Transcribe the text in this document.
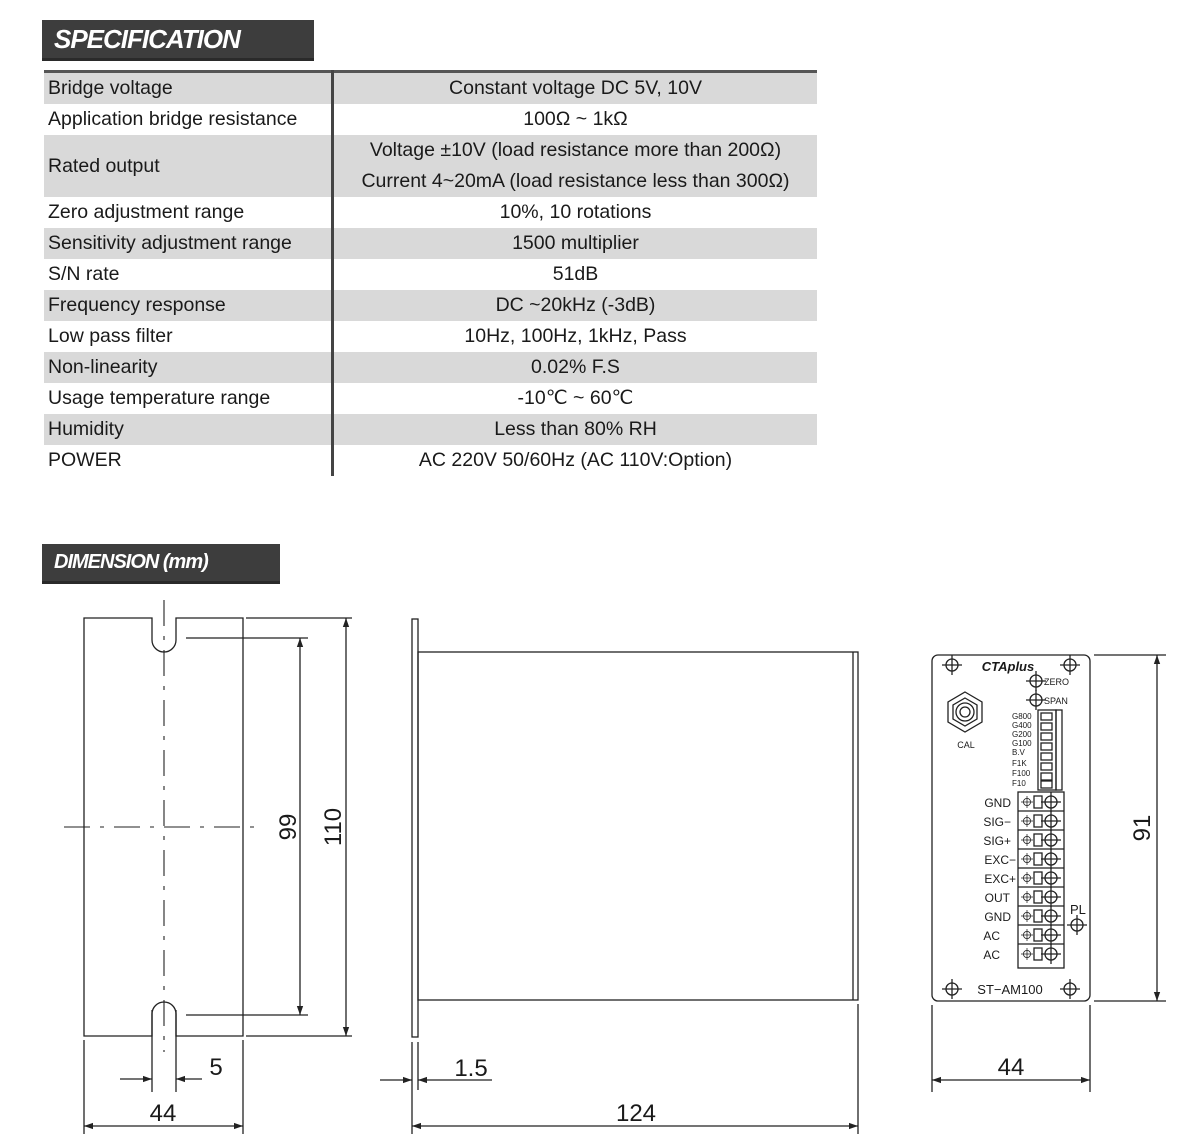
SPECIFICATION
Bridge voltage	Constant voltage DC 5V, 10V
Application bridge resistance	100Ω ~ 1kΩ
Rated output	Voltage ±10V (load resistance more than 200Ω)
Current 4~20mA (load resistance less than 300Ω)

Zero adjustment range	10%, 10 rotations
Sensitivity adjustment range	1500 multiplier
S/N rate	51dB
Frequency response	DC ~20kHz (-3dB)
Low pass filter	10Hz, 100Hz, 1kHz, Pass
Non-linearity	0.02% F.S
Usage temperature range	-10℃ ~ 60℃
Humidity	Less than 80% RH
POWER	AC 220V 50/60Hz (AC 110V:Option)
DIMENSION (mm)
99 110
5
44
1.5
124
CTAplus
ZERO
SPAN
CAL
G800
G400
G200
G100
B.V
F1K
F100
F10
GND
SIG−
SIG+
EXC−
EXC+
OUT
GND
AC
AC
PL
ST−AM100
91
44
